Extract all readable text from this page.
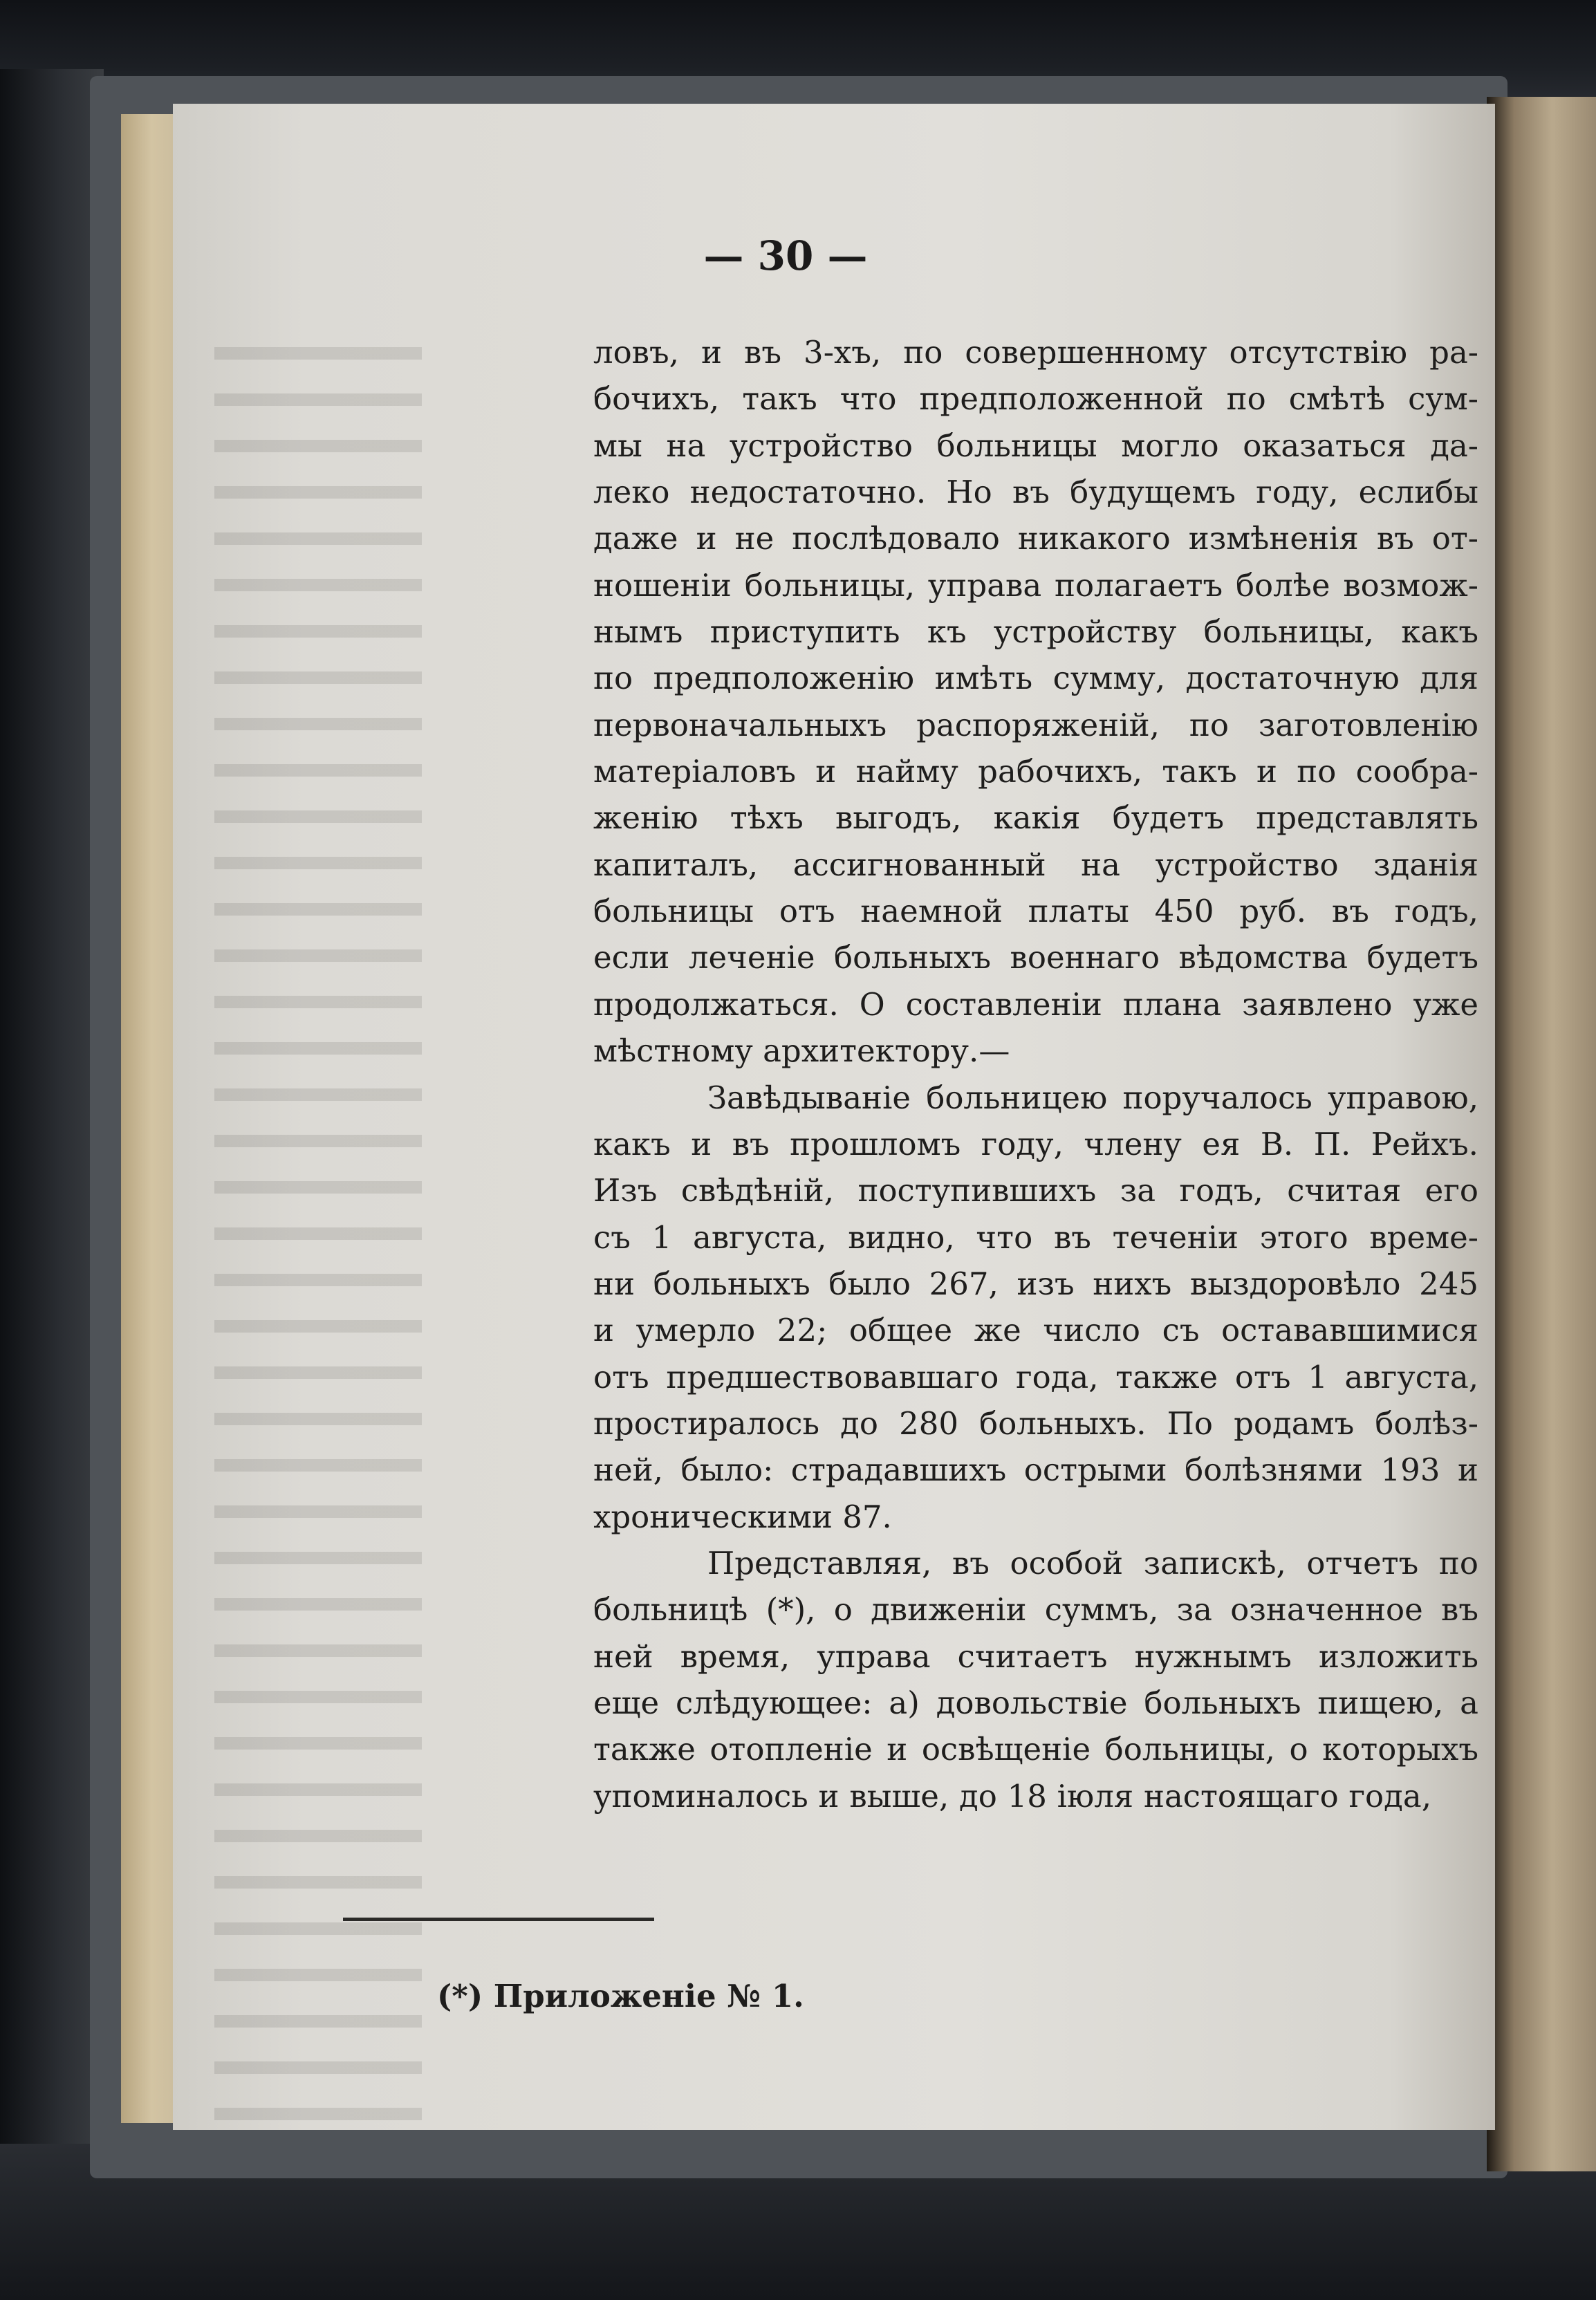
— 30 —
ловъ, и въ 3-хъ, по совершенному отсутствію ра-
бочихъ, такъ что предположенной по смѣтѣ сум-
мы на устройство больницы могло оказаться да-
леко недостаточно. Но въ будущемъ году, еслибы
даже и не послѣдовало никакого измѣненія въ от-
ношеніи больницы, управа полагаетъ болѣе возмож-
нымъ приступить къ устройству больницы, какъ
по предположенію имѣть сумму, достаточную для
первоначальныхъ распоряженій, по заготовленію
матеріаловъ и найму рабочихъ, такъ и по сообра-
женію тѣхъ выгодъ, какія будетъ представлять
капиталъ, ассигнованный на устройство зданія
больницы отъ наемной платы 450 руб. въ годъ,
если леченіе больныхъ военнаго вѣдомства будетъ
продолжаться. О составленіи плана заявлено уже
мѣстному архитектору.—
Завѣдываніе больницею поручалось управою,
какъ и въ прошломъ году, члену ея В. П. Рейхъ.
Изъ свѣдѣній, поступившихъ за годъ, считая его
съ 1 августа, видно, что въ теченіи этого време-
ни больныхъ было 267, изъ нихъ выздоровѣло 245
и умерло 22; общее же число съ остававшимися
отъ предшествовавшаго года, также отъ 1 августа,
простиралось до 280 больныхъ. По родамъ болѣз-
ней, было: страдавшихъ острыми болѣзнями 193 и
хроническими 87.
Представляя, въ особой запискѣ, отчетъ по
больницѣ (*), о движеніи суммъ, за означенное въ
ней время, управа считаетъ нужнымъ изложить
еще слѣдующее: а) довольствіе больныхъ пищею, а
также отопленіе и освѣщеніе больницы, о которыхъ
упоминалось и выше, до 18 іюля настоящаго года,
(*) Приложеніе № 1.
